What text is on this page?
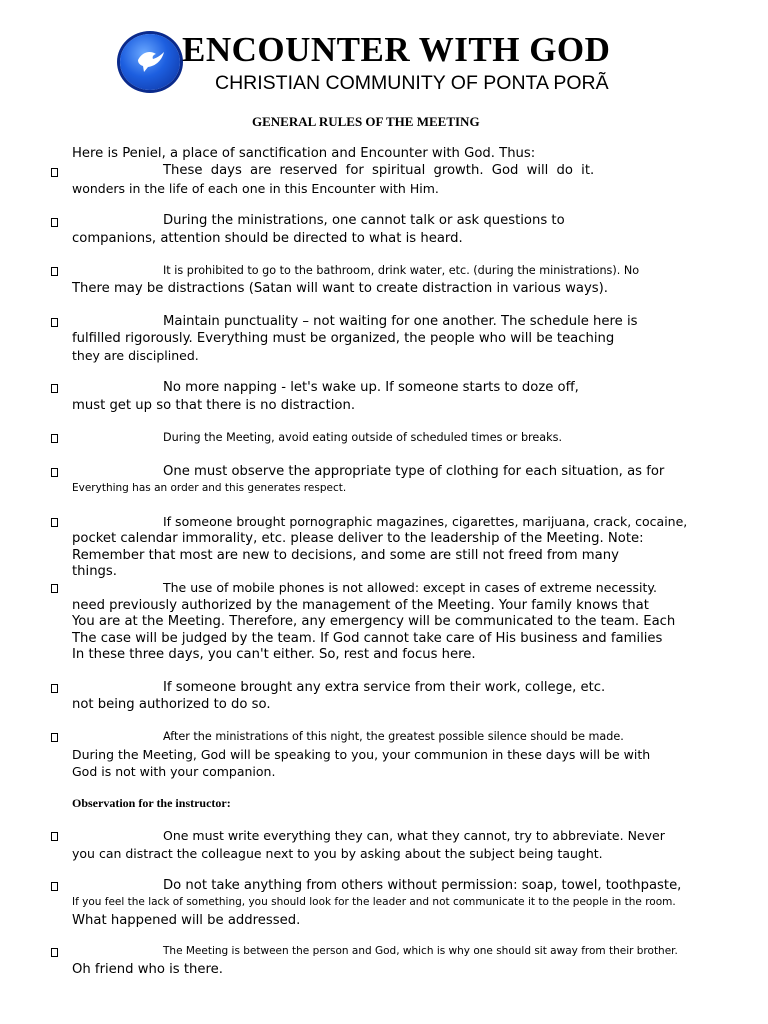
ENCOUNTER WITH GOD
CHRISTIAN COMMUNITY OF PONTA PORÃ
GENERAL RULES OF THE MEETING
Here is Peniel, a place of sanctification and Encounter with God. Thus:
These days are reserved for spiritual growth. God will do it.
wonders in the life of each one in this Encounter with Him.
During the ministrations, one cannot talk or ask questions to
companions, attention should be directed to what is heard.
It is prohibited to go to the bathroom, drink water, etc. (during the ministrations). No
There may be distractions (Satan will want to create distraction in various ways).
Maintain punctuality – not waiting for one another. The schedule here is
fulfilled rigorously. Everything must be organized, the people who will be teaching
they are disciplined.
No more napping - let's wake up. If someone starts to doze off,
must get up so that there is no distraction.
During the Meeting, avoid eating outside of scheduled times or breaks.
One must observe the appropriate type of clothing for each situation, as for
Everything has an order and this generates respect.
If someone brought pornographic magazines, cigarettes, marijuana, crack, cocaine,
pocket calendar immorality, etc. please deliver to the leadership of the Meeting. Note:
Remember that most are new to decisions, and some are still not freed from many
things.
The use of mobile phones is not allowed: except in cases of extreme necessity.
need previously authorized by the management of the Meeting. Your family knows that
You are at the Meeting. Therefore, any emergency will be communicated to the team. Each
The case will be judged by the team. If God cannot take care of His business and families
In these three days, you can't either. So, rest and focus here.
If someone brought any extra service from their work, college, etc.
not being authorized to do so.
After the ministrations of this night, the greatest possible silence should be made.
During the Meeting, God will be speaking to you, your communion in these days will be with
God is not with your companion.
Observation for the instructor:
One must write everything they can, what they cannot, try to abbreviate. Never
you can distract the colleague next to you by asking about the subject being taught.
Do not take anything from others without permission: soap, towel, toothpaste,
If you feel the lack of something, you should look for the leader and not communicate it to the people in the room.
What happened will be addressed.
The Meeting is between the person and God, which is why one should sit away from their brother.
Oh friend who is there.
